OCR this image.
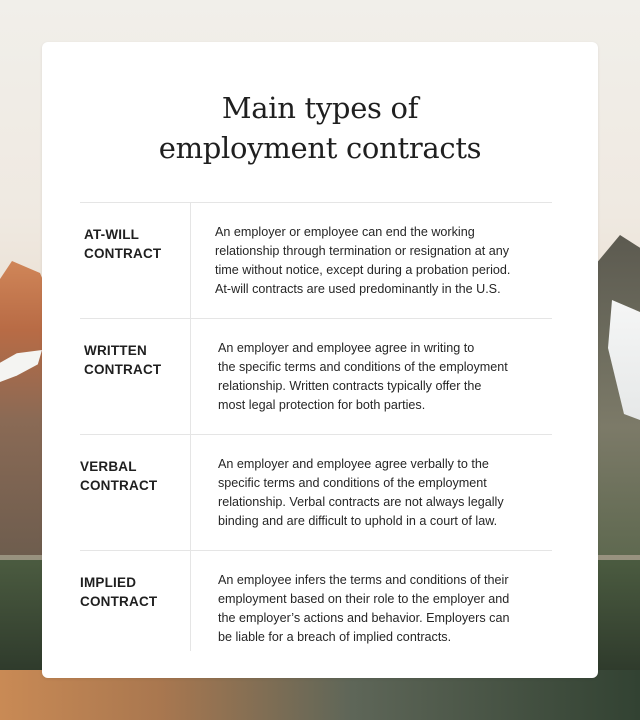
Main types of
employment contracts
AT-WILL
CONTRACT
An employer or employee can end the working
relationship through termination or resignation at any
time without notice, except during a probation period.
At-will contracts are used predominantly in the U.S.
WRITTEN
CONTRACT
An employer and employee agree in writing to
the specific terms and conditions of the employment
relationship. Written contracts typically offer the
most legal protection for both parties.
VERBAL
CONTRACT
An employer and employee agree verbally to the
specific terms and conditions of the employment
relationship. Verbal contracts are not always legally
binding and are difficult to uphold in a court of law.
IMPLIED
CONTRACT
An employee infers the terms and conditions of their
employment based on their role to the employer and
the employer’s actions and behavior. Employers can
be liable for a breach of implied contracts.
